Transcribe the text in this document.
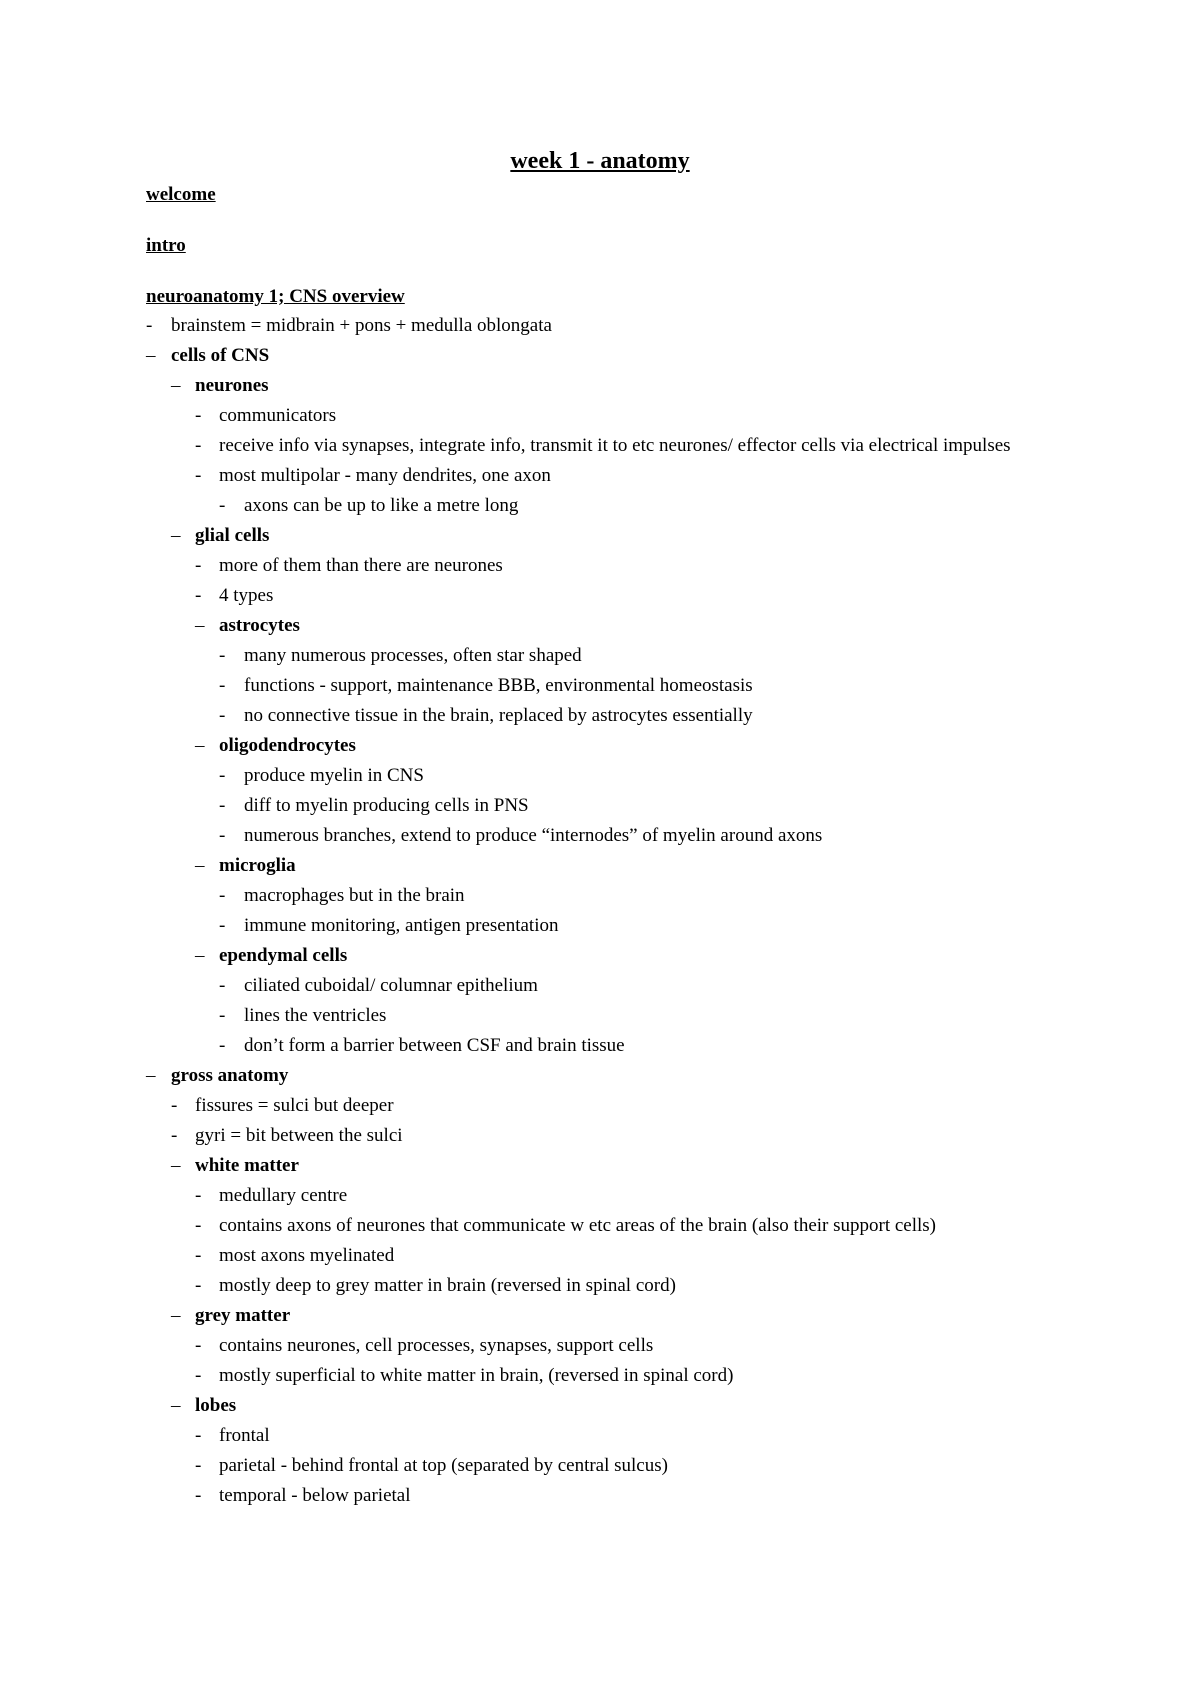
week 1 - anatomy
welcome
intro
neuroanatomy 1; CNS overview
- brainstem = midbrain + pons + medulla oblongata
– cells of CNS
– neurones
- communicators
- receive info via synapses, integrate info, transmit it to etc neurones/ effector cells via electrical impulses
- most multipolar - many dendrites, one axon
- axons can be up to like a metre long
– glial cells
- more of them than there are neurones
- 4 types
– astrocytes
- many numerous processes, often star shaped
- functions - support, maintenance BBB, environmental homeostasis
- no connective tissue in the brain, replaced by astrocytes essentially
– oligodendrocytes
- produce myelin in CNS
- diff to myelin producing cells in PNS
- numerous branches, extend to produce “internodes” of myelin around axons
– microglia
- macrophages but in the brain
- immune monitoring, antigen presentation
– ependymal cells
- ciliated cuboidal/ columnar epithelium
- lines the ventricles
- don’t form a barrier between CSF and brain tissue
– gross anatomy
- fissures = sulci but deeper
- gyri = bit between the sulci
– white matter
- medullary centre
- contains axons of neurones that communicate w etc areas of the brain (also their support cells)
- most axons myelinated
- mostly deep to grey matter in brain (reversed in spinal cord)
– grey matter
- contains neurones, cell processes, synapses, support cells
- mostly superficial to white matter in brain, (reversed in spinal cord)
– lobes
- frontal
- parietal - behind frontal at top (separated by central sulcus)
- temporal - below parietal
